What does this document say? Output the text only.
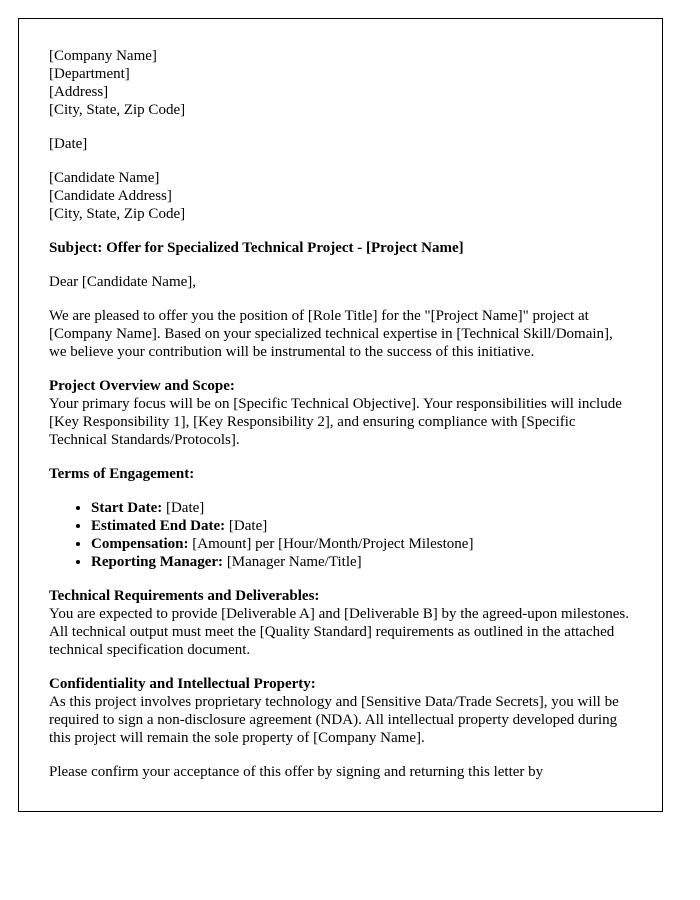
[Company Name]
[Department]
[Address]
[City, State, Zip Code]

[Date]

[Candidate Name]
[Candidate Address]
[City, State, Zip Code]

Subject: Offer for Specialized Technical Project - [Project Name]

Dear [Candidate Name],

We are pleased to offer you the position of [Role Title] for the "[Project Name]" project at [Company Name]. Based on your specialized technical expertise in [Technical Skill/Domain], we believe your contribution will be instrumental to the success of this initiative.

Project Overview and Scope:
Your primary focus will be on [Specific Technical Objective]. Your responsibilities will include [Key Responsibility 1], [Key Responsibility 2], and ensuring compliance with [Specific Technical Standards/Protocols].

Terms of Engagement:

• Start Date: [Date]
• Estimated End Date: [Date]
• Compensation: [Amount] per [Hour/Month/Project Milestone]
• Reporting Manager: [Manager Name/Title]

Technical Requirements and Deliverables:
You are expected to provide [Deliverable A] and [Deliverable B] by the agreed-upon milestones. All technical output must meet the [Quality Standard] requirements as outlined in the attached technical specification document.

Confidentiality and Intellectual Property:
As this project involves proprietary technology and [Sensitive Data/Trade Secrets], you will be required to sign a non-disclosure agreement (NDA). All intellectual property developed during this project will remain the sole property of [Company Name].

Please confirm your acceptance of this offer by signing and returning this letter by
